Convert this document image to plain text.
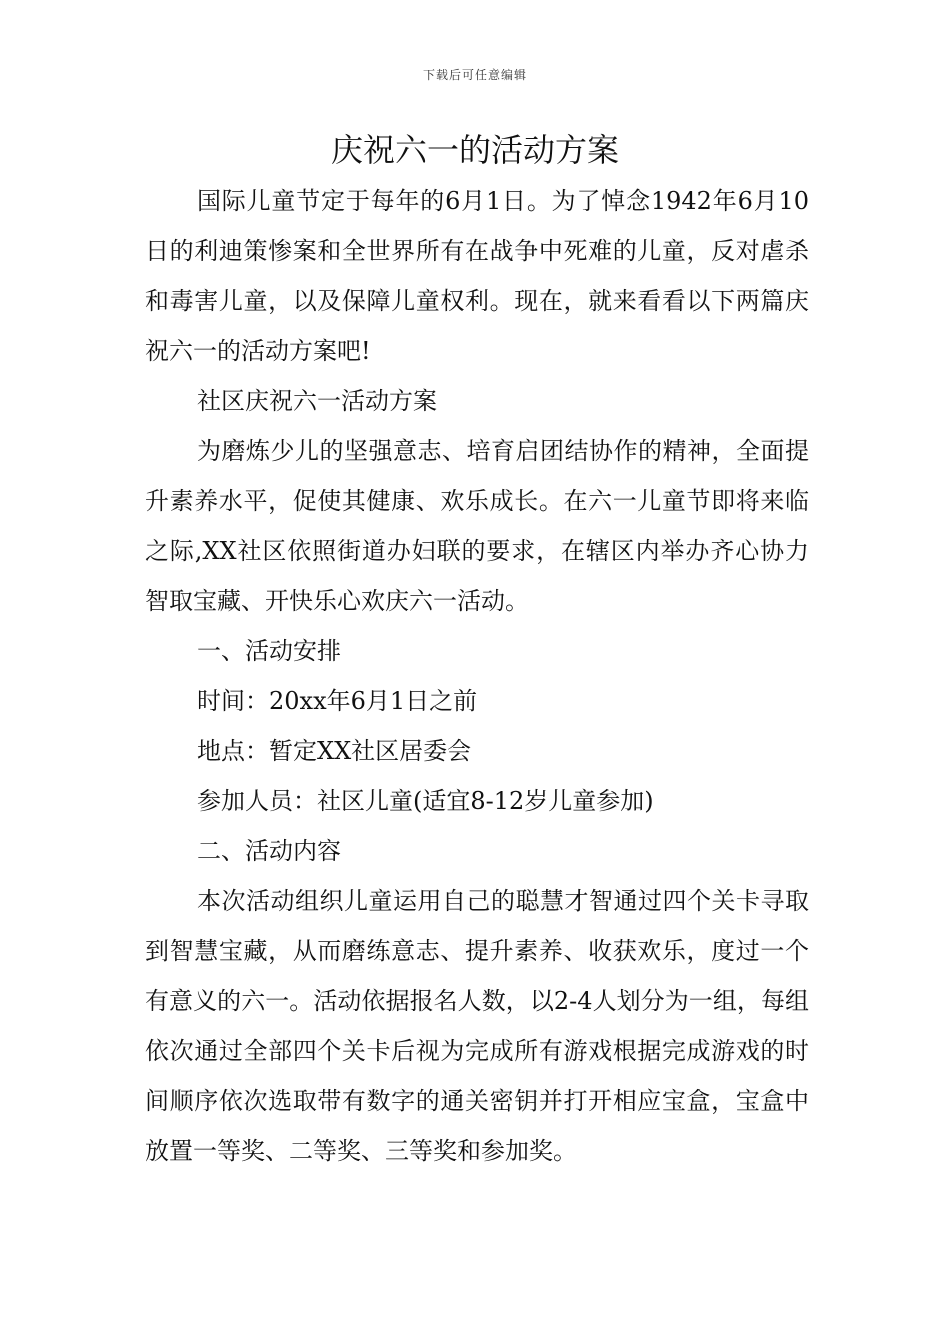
下载后可任意编辑
庆祝六一的活动方案

国际儿童节定于每年的6月1日。为了悼念1942年6月10日的利迪策惨案和全世界所有在战争中死难的儿童，反对虐杀和毒害儿童，以及保障儿童权利。现在，就来看看以下两篇庆祝六一的活动方案吧!

社区庆祝六一活动方案

为磨炼少儿的坚强意志、培育启团结协作的精神，全面提升素养水平，促使其健康、欢乐成长。在六一儿童节即将来临之际,XX社区依照街道办妇联的要求，在辖区内举办齐心协力智取宝藏、开快乐心欢庆六一活动。

一、活动安排

时间：20xx年6月1日之前

地点：暂定XX社区居委会

参加人员：社区儿童(适宜8-12岁儿童参加)

二、活动内容

本次活动组织儿童运用自己的聪慧才智通过四个关卡寻取到智慧宝藏，从而磨练意志、提升素养、收获欢乐，度过一个有意义的六一。活动依据报名人数，以2-4人划分为一组，每组依次通过全部四个关卡后视为完成所有游戏根据完成游戏的时间顺序依次选取带有数字的通关密钥并打开相应宝盒，宝盒中放置一等奖、二等奖、三等奖和参加奖。
